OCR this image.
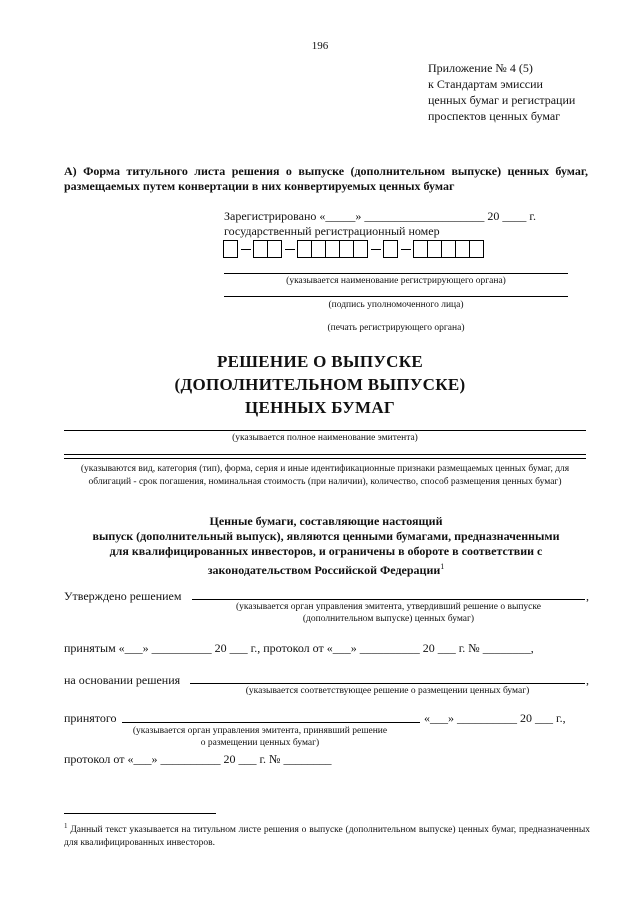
196
Приложение № 4 (5)
к Стандартам эмиссии
ценных бумаг и регистрации
проспектов ценных бумаг
А) Форма титульного листа решения о выпуске (дополнительном выпуске) ценных бумаг, размещаемых путем конвертации в них конвертируемых ценных бумаг
Зарегистрировано «_____» ____________________ 20 ____ г.
государственный регистрационный номер
(указывается наименование регистрирующего органа)
(подпись уполномоченного лица)
(печать регистрирующего органа)
РЕШЕНИЕ О ВЫПУСКЕ
(ДОПОЛНИТЕЛЬНОМ ВЫПУСКЕ)
ЦЕННЫХ БУМАГ
(указывается полное наименование эмитента)
(указываются вид, категория (тип), форма, серия и иные идентификационные признаки размещаемых ценных бумаг, для облигаций - срок погашения, номинальная стоимость (при наличии), количество, способ размещения ценных бумаг)
Ценные бумаги, составляющие настоящий
выпуск (дополнительный выпуск), являются ценными бумагами, предназначенными
для квалифицированных инвесторов, и ограничены в обороте в соответствии с
законодательством Российской Федерации$^1$
Утверждено решением	,
(указывается орган управления эмитента, утвердивший решение о выпуске
(дополнительном выпуске) ценных бумаг)
принятым «___» __________ 20 ___ г., протокол от «___» __________ 20 ___ г. № ________,
на основании решения	,
(указывается соответствующее решение о размещении ценных бумаг)
принятого	«___» __________ 20 ___ г.,
(указывается орган управления эмитента, принявший решение
о размещении ценных бумаг)
протокол от «___» __________ 20 ___ г. № ________
$^1$ Данный текст указывается на титульном листе решения о выпуске (дополнительном выпуске) ценных бумаг, предназначенных для квалифицированных инвесторов.
